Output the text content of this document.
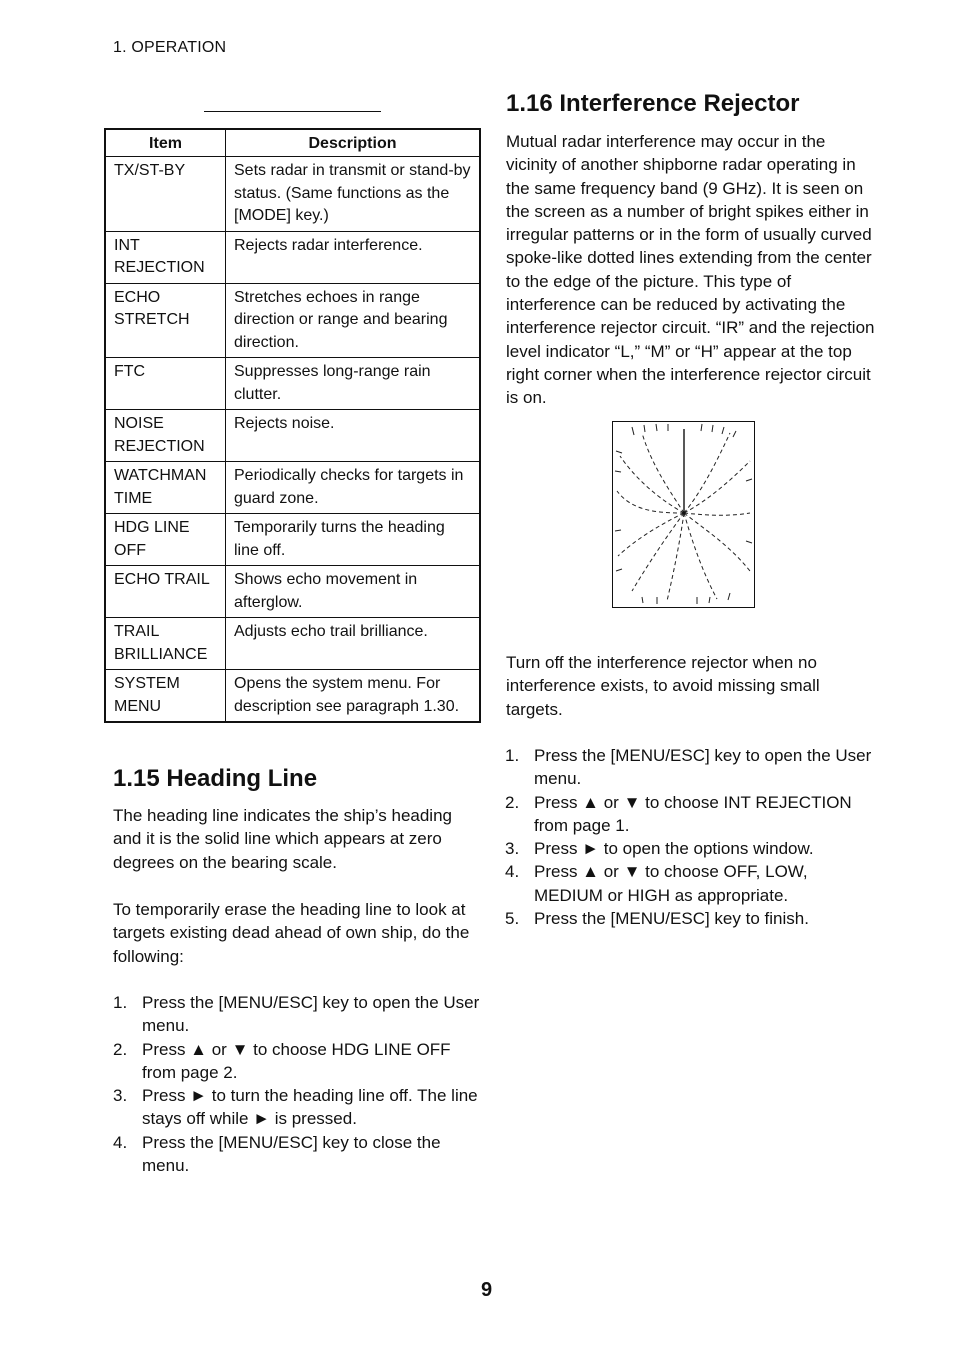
1. OPERATION
Item	Description
TX/ST-BY	Sets radar in transmit or stand-by status. (Same functions as the [MODE] key.)
INT REJECTION	Rejects radar interference.
ECHO STRETCH	Stretches echoes in range direction or range and bearing direction.
FTC	Suppresses long-range rain clutter.
NOISE REJECTION	Rejects noise.
WATCHMAN TIME	Periodically checks for targets in guard zone.
HDG LINE OFF	Temporarily turns the heading line off.
ECHO TRAIL	Shows echo movement in afterglow.
TRAIL BRILLIANCE	Adjusts echo trail brilliance.
SYSTEM MENU	Opens the system menu. For description see paragraph 1.30.
1.15 Heading Line

The heading line indicates the ship’s heading and it is the solid line which appears at zero degrees on the bearing scale.

To temporarily erase the heading line to look at targets existing dead ahead of own ship, do the following:

1. Press the [MENU/ESC] key to open the User menu.
2. Press ▲ or ▼ to choose HDG LINE OFF from page 2.
3. Press ► to turn the heading line off. The line stays off while ► is pressed.
4. Press the [MENU/ESC] key to close the menu.
1.16 Interference Rejector

Mutual radar interference may occur in the vicinity of another shipborne radar operating in the same frequency band (9 GHz). It is seen on the screen as a number of bright spikes either in irregular patterns or in the form of usually curved spoke-like dotted lines extending from the center to the edge of the picture. This type of interference can be reduced by activating the interference rejector circuit. “IR” and the rejection level indicator “L,” “M” or “H” appear at the top right corner when the interference rejector circuit is on.

Turn off the interference rejector when no interference exists, to avoid missing small targets.

1. Press the [MENU/ESC] key to open the User menu.
2. Press ▲ or ▼ to choose INT REJECTION from page 1.
3. Press ► to open the options window.
4. Press ▲ or ▼ to choose OFF, LOW, MEDIUM or HIGH as appropriate.
5. Press the [MENU/ESC] key to finish.
9
